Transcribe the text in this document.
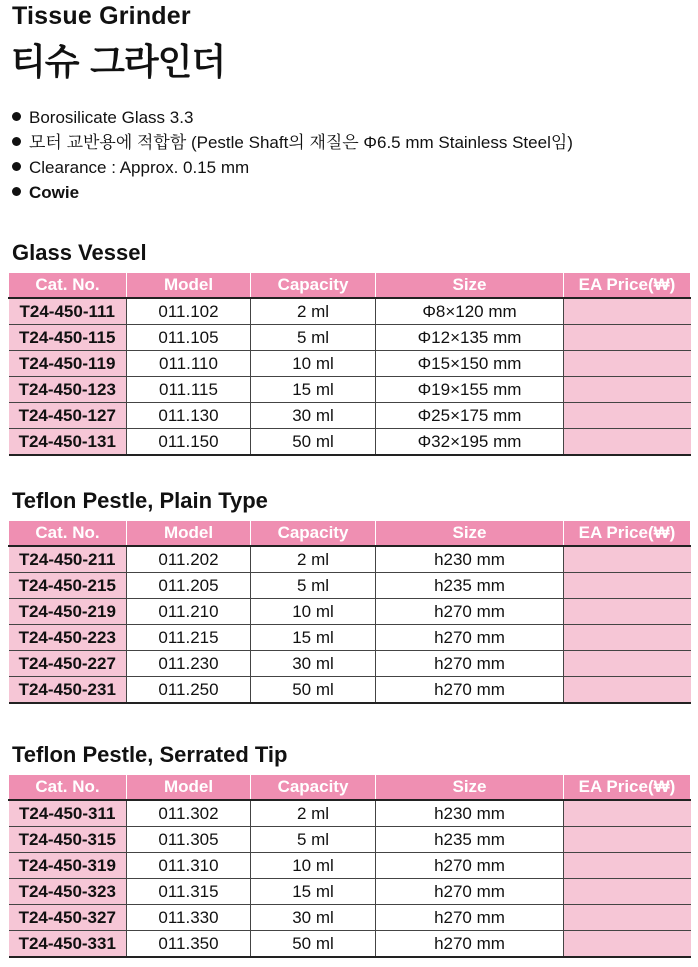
Tissue Grinder
티슈 그라인더
Borosilicate Glass 3.3
모터 교반용에 적합함 (Pestle Shaft의 재질은 Φ6.5 mm Stainless Steel임)
Clearance : Approx. 0.15 mm
Cowie
Glass Vessel
Cat. No.	Model	Capacity	Size	EA Price(₩)
T24-450-111	011.102	2 ml	Φ8×120 mm	
T24-450-115	011.105	5 ml	Φ12×135 mm	
T24-450-119	011.110	10 ml	Φ15×150 mm	
T24-450-123	011.115	15 ml	Φ19×155 mm	
T24-450-127	011.130	30 ml	Φ25×175 mm	
T24-450-131	011.150	50 ml	Φ32×195 mm	
Teflon Pestle, Plain Type
Cat. No.	Model	Capacity	Size	EA Price(₩)
T24-450-211	011.202	2 ml	h230 mm	
T24-450-215	011.205	5 ml	h235 mm	
T24-450-219	011.210	10 ml	h270 mm	
T24-450-223	011.215	15 ml	h270 mm	
T24-450-227	011.230	30 ml	h270 mm	
T24-450-231	011.250	50 ml	h270 mm	
Teflon Pestle, Serrated Tip
Cat. No.	Model	Capacity	Size	EA Price(₩)
T24-450-311	011.302	2 ml	h230 mm	
T24-450-315	011.305	5 ml	h235 mm	
T24-450-319	011.310	10 ml	h270 mm	
T24-450-323	011.315	15 ml	h270 mm	
T24-450-327	011.330	30 ml	h270 mm	
T24-450-331	011.350	50 ml	h270 mm	
